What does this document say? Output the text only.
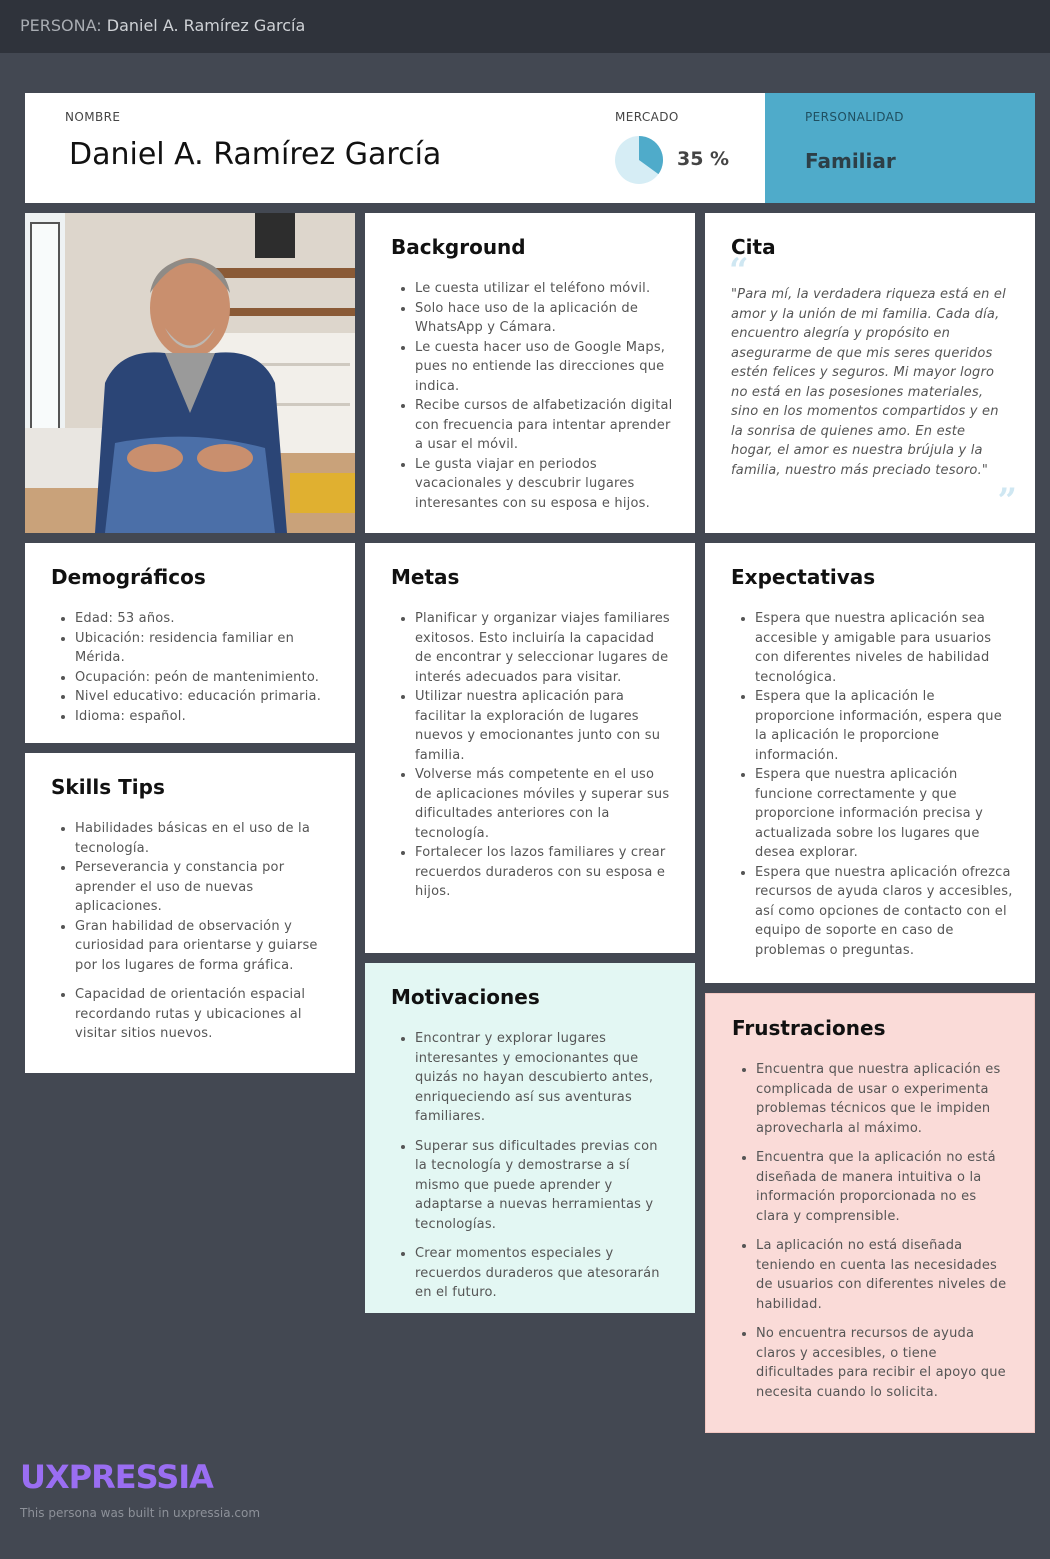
PERSONA: Daniel A. Ramírez García
NOMBRE
Daniel A. Ramírez García
MERCADO
35 %
PERSONALIDAD
Familiar
Background
• Le cuesta utilizar el teléfono móvil.
• Solo hace uso de la aplicación de WhatsApp y Cámara.
• Le cuesta hacer uso de Google Maps, pues no entiende las direcciones que indica.
• Recibe cursos de alfabetización digital con frecuencia para intentar aprender a usar el móvil.
• Le gusta viajar en periodos vacacionales y descubrir lugares interesantes con su esposa e hijos.
Cita
“
"Para mí, la verdadera riqueza está en el amor y la unión de mi familia. Cada día, encuentro alegría y propósito en asegurarme de que mis seres queridos estén felices y seguros. Mi mayor logro no está en las posesiones materiales, sino en los momentos compartidos y en la sonrisa de quienes amo. En este hogar, el amor es nuestra brújula y la familia, nuestro más preciado tesoro."
”
Demográficos
• Edad: 53 años.
• Ubicación: residencia familiar en Mérida.
• Ocupación: peón de mantenimiento.
• Nivel educativo: educación primaria.
• Idioma: español.
Metas
• Planificar y organizar viajes familiares exitosos. Esto incluiría la capacidad de encontrar y seleccionar lugares de interés adecuados para visitar.
• Utilizar nuestra aplicación para facilitar la exploración de lugares nuevos y emocionantes junto con su familia.
• Volverse más competente en el uso de aplicaciones móviles y superar sus dificultades anteriores con la tecnología.
• Fortalecer los lazos familiares y crear recuerdos duraderos con su esposa e hijos.
Expectativas
• Espera que nuestra aplicación sea accesible y amigable para usuarios con diferentes niveles de habilidad tecnológica.
• Espera que la aplicación le proporcione información, espera que la aplicación le proporcione información.
• Espera que nuestra aplicación funcione correctamente y que proporcione información precisa y actualizada sobre los lugares que desea explorar.
• Espera que nuestra aplicación ofrezca recursos de ayuda claros y accesibles, así como opciones de contacto con el equipo de soporte en caso de problemas o preguntas.
Skills Tips
• Habilidades básicas en el uso de la tecnología.
• Perseverancia y constancia por aprender el uso de nuevas aplicaciones.
• Gran habilidad de observación y curiosidad para orientarse y guiarse por los lugares de forma gráfica.
• Capacidad de orientación espacial recordando rutas y ubicaciones al visitar sitios nuevos.
Motivaciones
• Encontrar y explorar lugares interesantes y emocionantes que quizás no hayan descubierto antes, enriqueciendo así sus aventuras familiares.
• Superar sus dificultades previas con la tecnología y demostrarse a sí mismo que puede aprender y adaptarse a nuevas herramientas y tecnologías.
• Crear momentos especiales y recuerdos duraderos que atesorarán en el futuro.
Frustraciones
• Encuentra que nuestra aplicación es complicada de usar o experimenta problemas técnicos que le impiden aprovecharla al máximo.
• Encuentra que la aplicación no está diseñada de manera intuitiva o la información proporcionada no es clara y comprensible.
• La aplicación no está diseñada teniendo en cuenta las necesidades de usuarios con diferentes niveles de habilidad.
• No encuentra recursos de ayuda claros y accesibles, o tiene dificultades para recibir el apoyo que necesita cuando lo solicita.
UXPRESSIA
This persona was built in uxpressia.com
